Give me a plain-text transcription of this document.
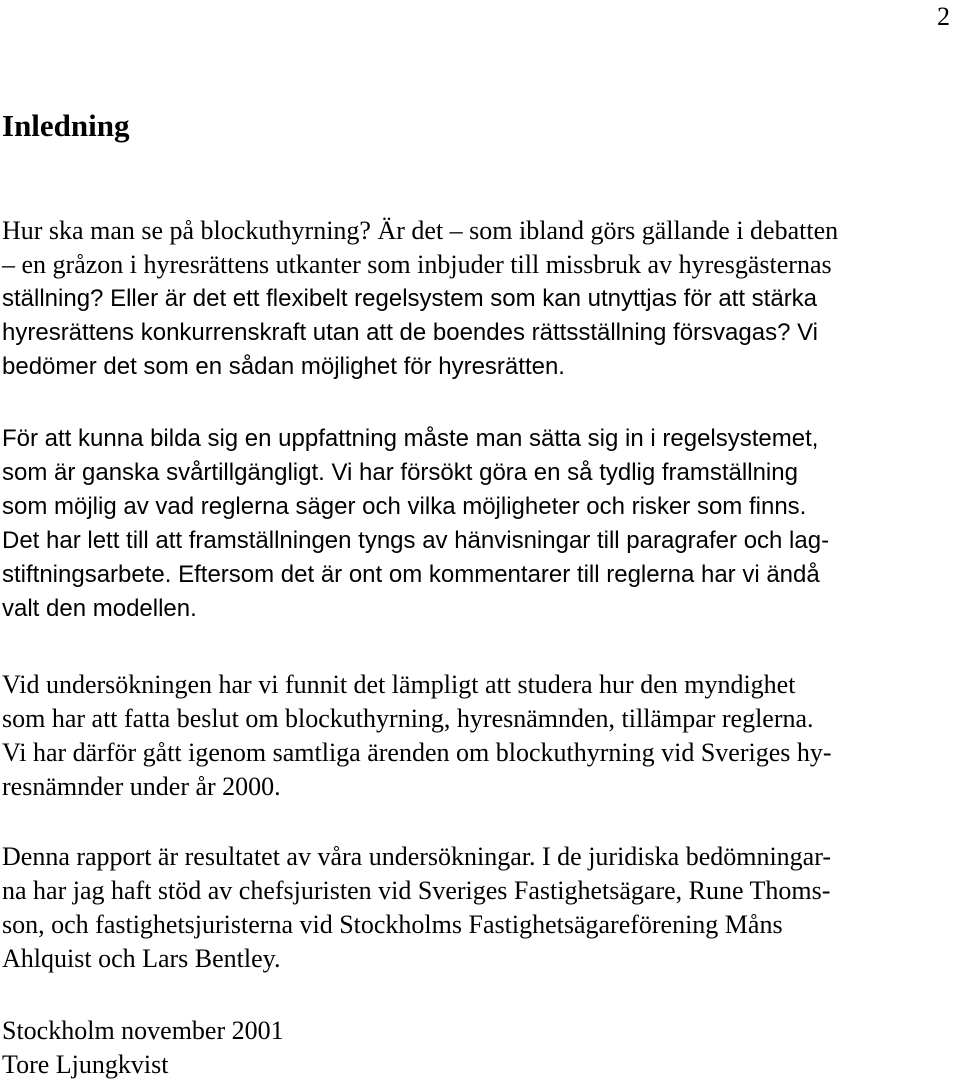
2
Inledning
Hur ska man se på blockuthyrning? Är det – som ibland görs gällande i debatten
– en gråzon i hyresrättens utkanter som inbjuder till missbruk av hyresgästernas
ställning? Eller är det ett flexibelt regelsystem som kan utnyttjas för att stärka
hyresrättens konkurrenskraft utan att de boendes rättsställning försvagas? Vi
bedömer det som en sådan möjlighet för hyresrätten.
För att kunna bilda sig en uppfattning måste man sätta sig in i regelsystemet,
som är ganska svårtillgängligt. Vi har försökt göra en så tydlig framställning
som möjlig av vad reglerna säger och vilka möjligheter och risker som finns.
Det har lett till att framställningen tyngs av hänvisningar till paragrafer och lag-
stiftningsarbete. Eftersom det är ont om kommentarer till reglerna har vi ändå
valt den modellen.
Vid undersökningen har vi funnit det lämpligt att studera hur den myndighet
som har att fatta beslut om blockuthyrning, hyresnämnden, tillämpar reglerna.
Vi har därför gått igenom samtliga ärenden om blockuthyrning vid Sveriges hy-
resnämnder under år 2000.
Denna rapport är resultatet av våra undersökningar. I de juridiska bedömningar-
na har jag haft stöd av chefsjuristen vid Sveriges Fastighetsägare, Rune Thoms-
son, och fastighetsjuristerna vid Stockholms Fastighetsägareförening Måns
Ahlquist och Lars Bentley.
Stockholm november 2001
Tore Ljungkvist
